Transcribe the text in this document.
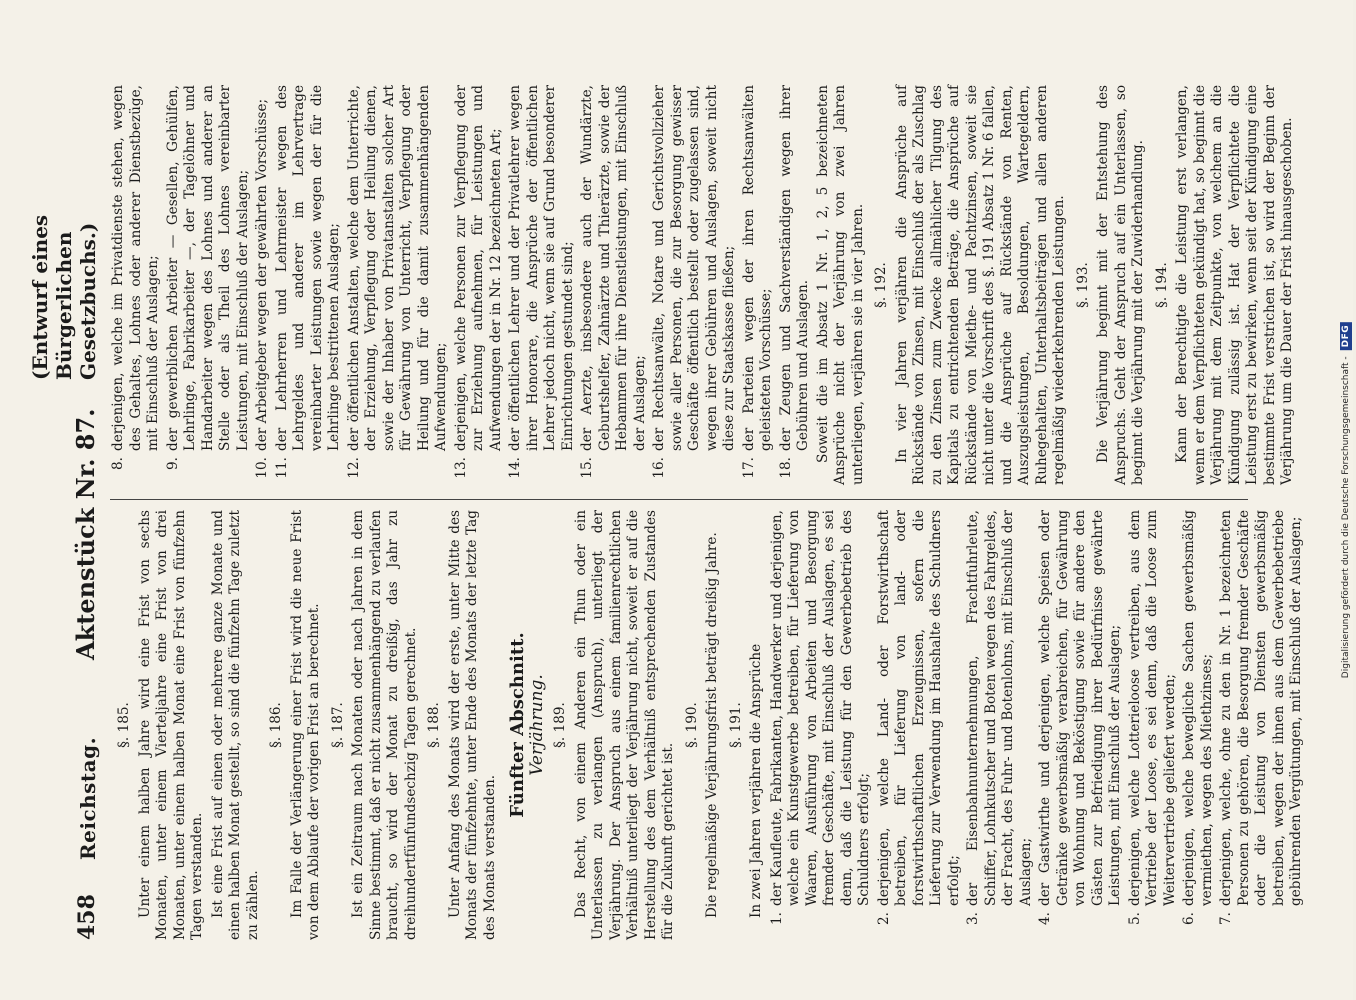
458
Reichstag.
Aktenstück Nr. 87.
(Entwurf eines Bürgerlichen Gesetzbuchs.)
§. 185. Unter einem halben Jahre wird eine Frist von sechs Monaten, unter einem Vierteljahre eine Frist von drei Monaten, unter einem halben Monat eine Frist von fünfzehn Tagen verstanden. Ist eine Frist auf einen oder mehrere ganze Monate und einen halben Monat gestellt, so sind die fünfzehn Tage zuletzt zu zählen.

§. 186. Im Falle der Verlängerung einer Frist wird die neue Frist von dem Ablaufe der vorigen Frist an berechnet. §. 187. Ist ein Zeitraum nach Monaten oder nach Jahren in dem Sinne bestimmt, daß er nicht zusammenhängend zu verlaufen braucht, so wird der Monat zu dreißig, das Jahr zu dreihundertfünfundsechzig Tagen gerechnet. §. 188. Unter Anfang des Monats wird der erste, unter Mitte des Monats der fünfzehnte, unter Ende des Monats der letzte Tag des Monats verstanden.

Fünfter Abschnitt.
Verjährung. §. 189. Das Recht, von einem Anderen ein Thun oder ein Unterlassen zu verlangen (Anspruch), unterliegt der Verjährung. Der Anspruch aus einem familienrechtlichen Verhältniß unterliegt der Verjährung nicht, soweit er auf die Herstellung des dem Verhältniß entsprechenden Zustandes für die Zukunft gerichtet ist.

§. 190. Die regelmäßige Verjährungsfrist beträgt dreißig Jahre. §. 191. In zwei Jahren verjähren die Ansprüche

1.
der Kaufleute, Fabrikanten, Handwerker und derjenigen, welche ein Kunstgewerbe betreiben, für Lieferung von Waaren, Ausführung von Arbeiten und Besorgung fremder Geschäfte, mit Einschluß der Auslagen, es sei denn, daß die Leistung für den Gewerbebetrieb des Schuldners erfolgt;
2.
derjenigen, welche Land- oder Forstwirthschaft betreiben, für Lieferung von land- oder forstwirthschaftlichen Erzeugnissen, sofern die Lieferung zur Verwendung im Haushalte des Schuldners erfolgt;
3.
der Eisenbahnunternehmungen, Frachtfuhrleute, Schiffer, Lohnkutscher und Boten wegen des Fahrgeldes, der Fracht, des Fuhr- und Botenlohns, mit Einschluß der Auslagen;
4.
der Gastwirthe und derjenigen, welche Speisen oder Getränke gewerbsmäßig verabreichen, für Gewährung von Wohnung und Beköstigung sowie für andere den Gästen zur Befriedigung ihrer Bedürfnisse gewährte Leistungen, mit Einschluß der Auslagen;
5.
derjenigen, welche Lotterieloose vertreiben, aus dem Vertriebe der Loose, es sei denn, daß die Loose zum Weitervertriebe geliefert werden;
6.
derjenigen, welche bewegliche Sachen gewerbsmäßig vermiethen, wegen des Miethzinses;
7.
derjenigen, welche, ohne zu den in Nr. 1 bezeichneten Personen zu gehören, die Besorgung fremder Geschäfte oder die Leistung von Diensten gewerbsmäßig betreiben, wegen der ihnen aus dem Gewerbebetriebe gebührenden Vergütungen, mit Einschluß der Auslagen;
8.
derjenigen, welche im Privatdienste stehen, wegen des Gehaltes, Lohnes oder anderer Dienstbezüge, mit Einschluß der Auslagen;
9.
der gewerblichen Arbeiter — Gesellen, Gehülfen, Lehrlinge, Fabrikarbeiter —, der Tagelöhner und Handarbeiter wegen des Lohnes und anderer an Stelle oder als Theil des Lohnes vereinbarter Leistungen, mit Einschluß der Auslagen;
10.
der Arbeitgeber wegen der gewährten Vorschüsse;
11.
der Lehrherren und Lehrmeister wegen des Lehrgeldes und anderer im Lehrvertrage vereinbarter Leistungen sowie wegen der für die Lehrlinge bestrittenen Auslagen;
12.
der öffentlichen Anstalten, welche dem Unterrichte, der Erziehung, Verpflegung oder Heilung dienen, sowie der Inhaber von Privatanstalten solcher Art für Gewährung von Unterricht, Verpflegung oder Heilung und für die damit zusammenhängenden Aufwendungen;
13.
derjenigen, welche Personen zur Verpflegung oder zur Erziehung aufnehmen, für Leistungen und Aufwendungen der in Nr. 12 bezeichneten Art;
14.
der öffentlichen Lehrer und der Privatlehrer wegen ihrer Honorare, die Ansprüche der öffentlichen Lehrer jedoch nicht, wenn sie auf Grund besonderer Einrichtungen gestundet sind;
15.
der Aerzte, insbesondere auch der Wundärzte, Geburtshelfer, Zahnärzte und Thierärzte, sowie der Hebammen für ihre Dienstleistungen, mit Einschluß der Auslagen;
16.
der Rechtsanwälte, Notare und Gerichtsvollzieher sowie aller Personen, die zur Besorgung gewisser Geschäfte öffentlich bestellt oder zugelassen sind, wegen ihrer Gebühren und Auslagen, soweit nicht diese zur Staatskasse fließen;
17.
der Parteien wegen der ihren Rechtsanwälten geleisteten Vorschüsse;
18.
der Zeugen und Sachverständigen wegen ihrer Gebühren und Auslagen. Soweit die im Absatz 1 Nr. 1, 2, 5 bezeichneten Ansprüche nicht der Verjährung von zwei Jahren unterliegen, verjähren sie in vier Jahren. §. 192. In vier Jahren verjähren die Ansprüche auf Rückstände von Zinsen, mit Einschluß der als Zuschlag zu den Zinsen zum Zwecke allmählicher Tilgung des Kapitals zu entrichtenden Beträge, die Ansprüche auf Rückstände von Miethe- und Pachtzinsen, soweit sie nicht unter die Vorschrift des §. 191 Absatz 1 Nr. 6 fallen, und die Ansprüche auf Rückstände von Renten, Auszugsleistungen, Besoldungen, Wartegeldern, Ruhegehalten, Unterhaltsbeiträgen und allen anderen regelmäßig wiederkehrenden Leistungen. §. 193. Die Verjährung beginnt mit der Entstehung des Anspruchs. Geht der Anspruch auf ein Unterlassen, so beginnt die Verjährung mit der Zuwiderhandlung. §. 194. Kann der Berechtigte die Leistung erst verlangen, wenn er dem Verpflichteten gekündigt hat, so beginnt die Verjährung mit dem Zeitpunkte, von welchem an die Kündigung zulässig ist. Hat der Verpflichtete die Leistung erst zu bewirken, wenn seit der Kündigung eine bestimmte Frist verstrichen ist, so wird der Beginn der Verjährung um die Dauer der Frist hinausgeschoben.

Digitalisierung gefördert durch die Deutsche Forschungsgemeinschaft -
DFG
